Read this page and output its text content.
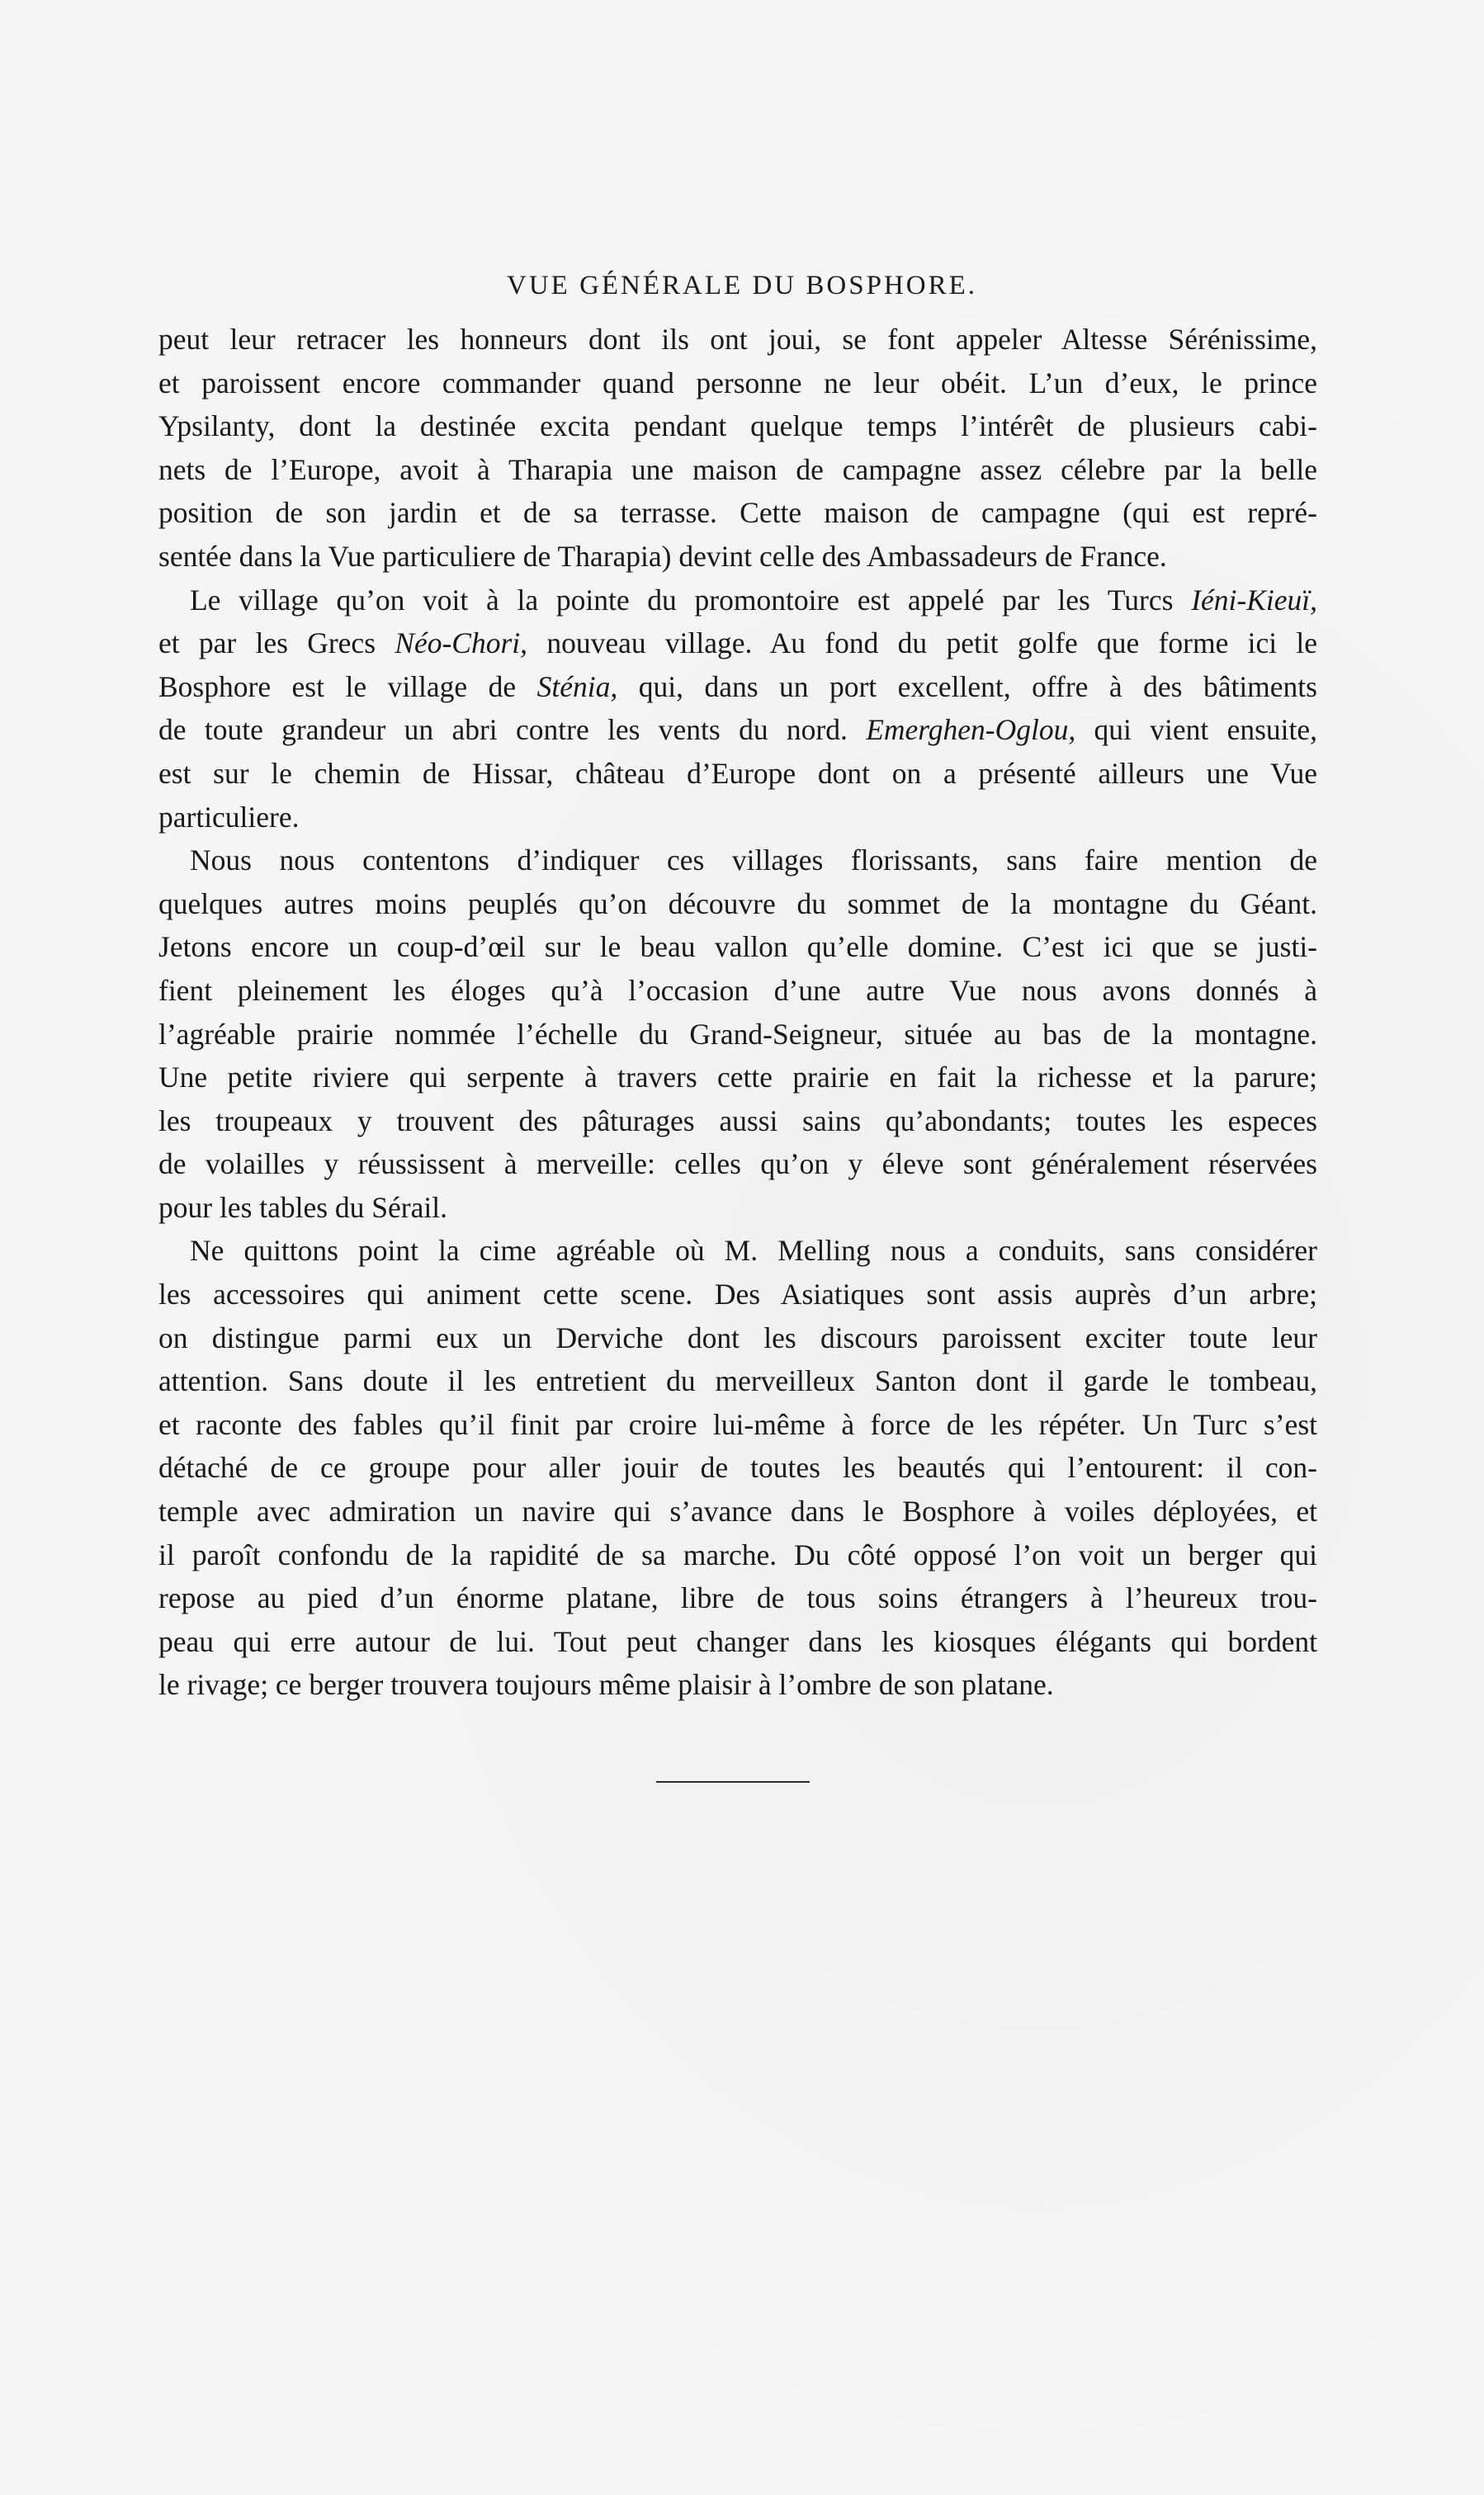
VUE GÉNÉRALE DU BOSPHORE.

peut leur retracer les honneurs dont ils ont joui, se font appeler Altesse Sérénissime,
et paroissent encore commander quand personne ne leur obéit. L’un d’eux, le prince
Ypsilanty, dont la destinée excita pendant quelque temps l’intérêt de plusieurs cabi-
nets de l’Europe, avoit à Tharapia une maison de campagne assez célebre par la belle
position de son jardin et de sa terrasse. Cette maison de campagne (qui est repré-
sentée dans la Vue particuliere de Tharapia) devint celle des Ambassadeurs de France.

Le village qu’on voit à la pointe du promontoire est appelé par les Turcs Iéni-Kieuï,
et par les Grecs Néo-Chori, nouveau village. Au fond du petit golfe que forme ici le
Bosphore est le village de Sténia, qui, dans un port excellent, offre à des bâtiments
de toute grandeur un abri contre les vents du nord. Emerghen-Oglou, qui vient ensuite,
est sur le chemin de Hissar, château d’Europe dont on a présenté ailleurs une Vue
particuliere.

Nous nous contentons d’indiquer ces villages florissants, sans faire mention de
quelques autres moins peuplés qu’on découvre du sommet de la montagne du Géant.
Jetons encore un coup-d’œil sur le beau vallon qu’elle domine. C’est ici que se justi-
fient pleinement les éloges qu’à l’occasion d’une autre Vue nous avons donnés à
l’agréable prairie nommée l’échelle du Grand-Seigneur, située au bas de la montagne.
Une petite riviere qui serpente à travers cette prairie en fait la richesse et la parure;
les troupeaux y trouvent des pâturages aussi sains qu’abondants; toutes les especes
de volailles y réussissent à merveille: celles qu’on y éleve sont généralement réservées
pour les tables du Sérail.

Ne quittons point la cime agréable où M. Melling nous a conduits, sans considérer
les accessoires qui animent cette scene. Des Asiatiques sont assis auprès d’un arbre;
on distingue parmi eux un Derviche dont les discours paroissent exciter toute leur
attention. Sans doute il les entretient du merveilleux Santon dont il garde le tombeau,
et raconte des fables qu’il finit par croire lui-même à force de les répéter. Un Turc s’est
détaché de ce groupe pour aller jouir de toutes les beautés qui l’entourent: il con-
temple avec admiration un navire qui s’avance dans le Bosphore à voiles déployées, et
il paroît confondu de la rapidité de sa marche. Du côté opposé l’on voit un berger qui
repose au pied d’un énorme platane, libre de tous soins étrangers à l’heureux trou-
peau qui erre autour de lui. Tout peut changer dans les kiosques élégants qui bordent
le rivage; ce berger trouvera toujours même plaisir à l’ombre de son platane.
